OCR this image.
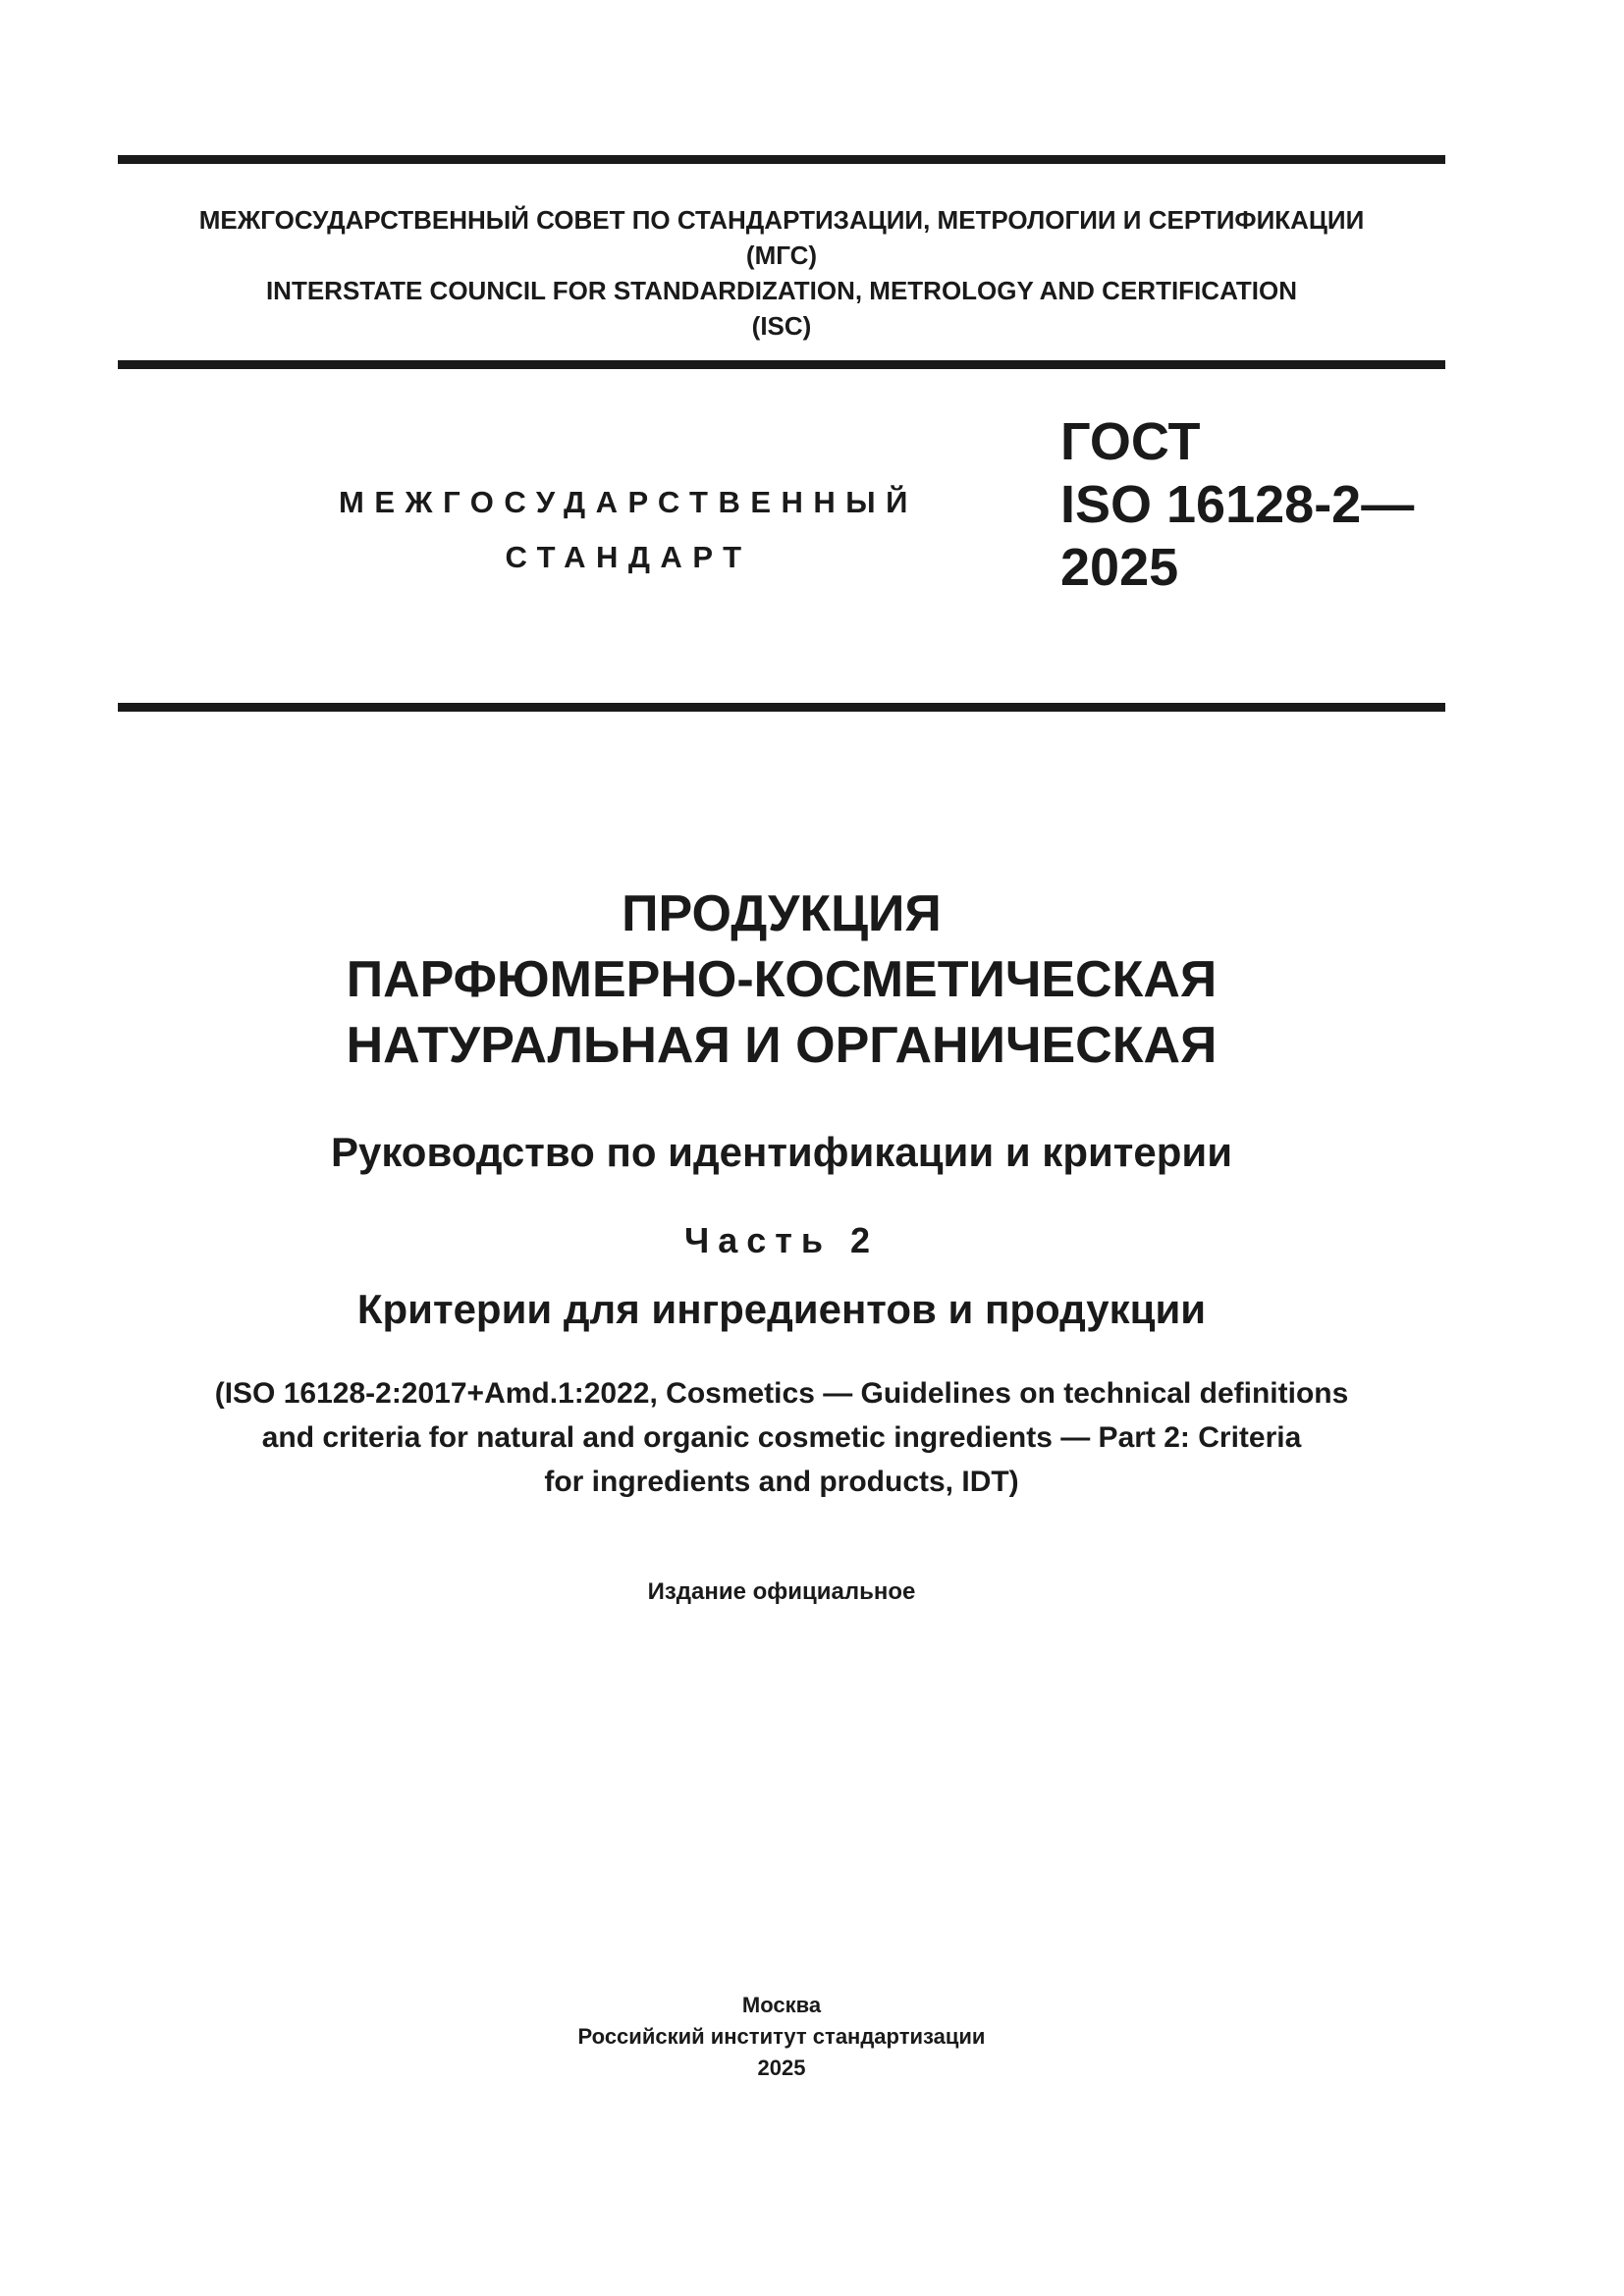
МЕЖГОСУДАРСТВЕННЫЙ СОВЕТ ПО СТАНДАРТИЗАЦИИ, МЕТРОЛОГИИ И СЕРТИФИКАЦИИ
(МГС)
INTERSTATE COUNCIL FOR STANDARDIZATION, METROLOGY AND CERTIFICATION
(ISC)
МЕЖГОСУДАРСТВЕННЫЙ
СТАНДАРТ
ГОСТ
ISO 16128-2—
2025
ПРОДУКЦИЯ
ПАРФЮМЕРНО-КОСМЕТИЧЕСКАЯ
НАТУРАЛЬНАЯ И ОРГАНИЧЕСКАЯ
Руководство по идентификации и критерии
Часть 2
Критерии для ингредиентов и продукции
(ISO 16128-2:2017+Amd.1:2022, Cosmetics — Guidelines on technical definitions
and criteria for natural and organic cosmetic ingredients — Part 2: Criteria
for ingredients and products, IDT)
Издание официальное
Москва
Российский институт стандартизации
2025
